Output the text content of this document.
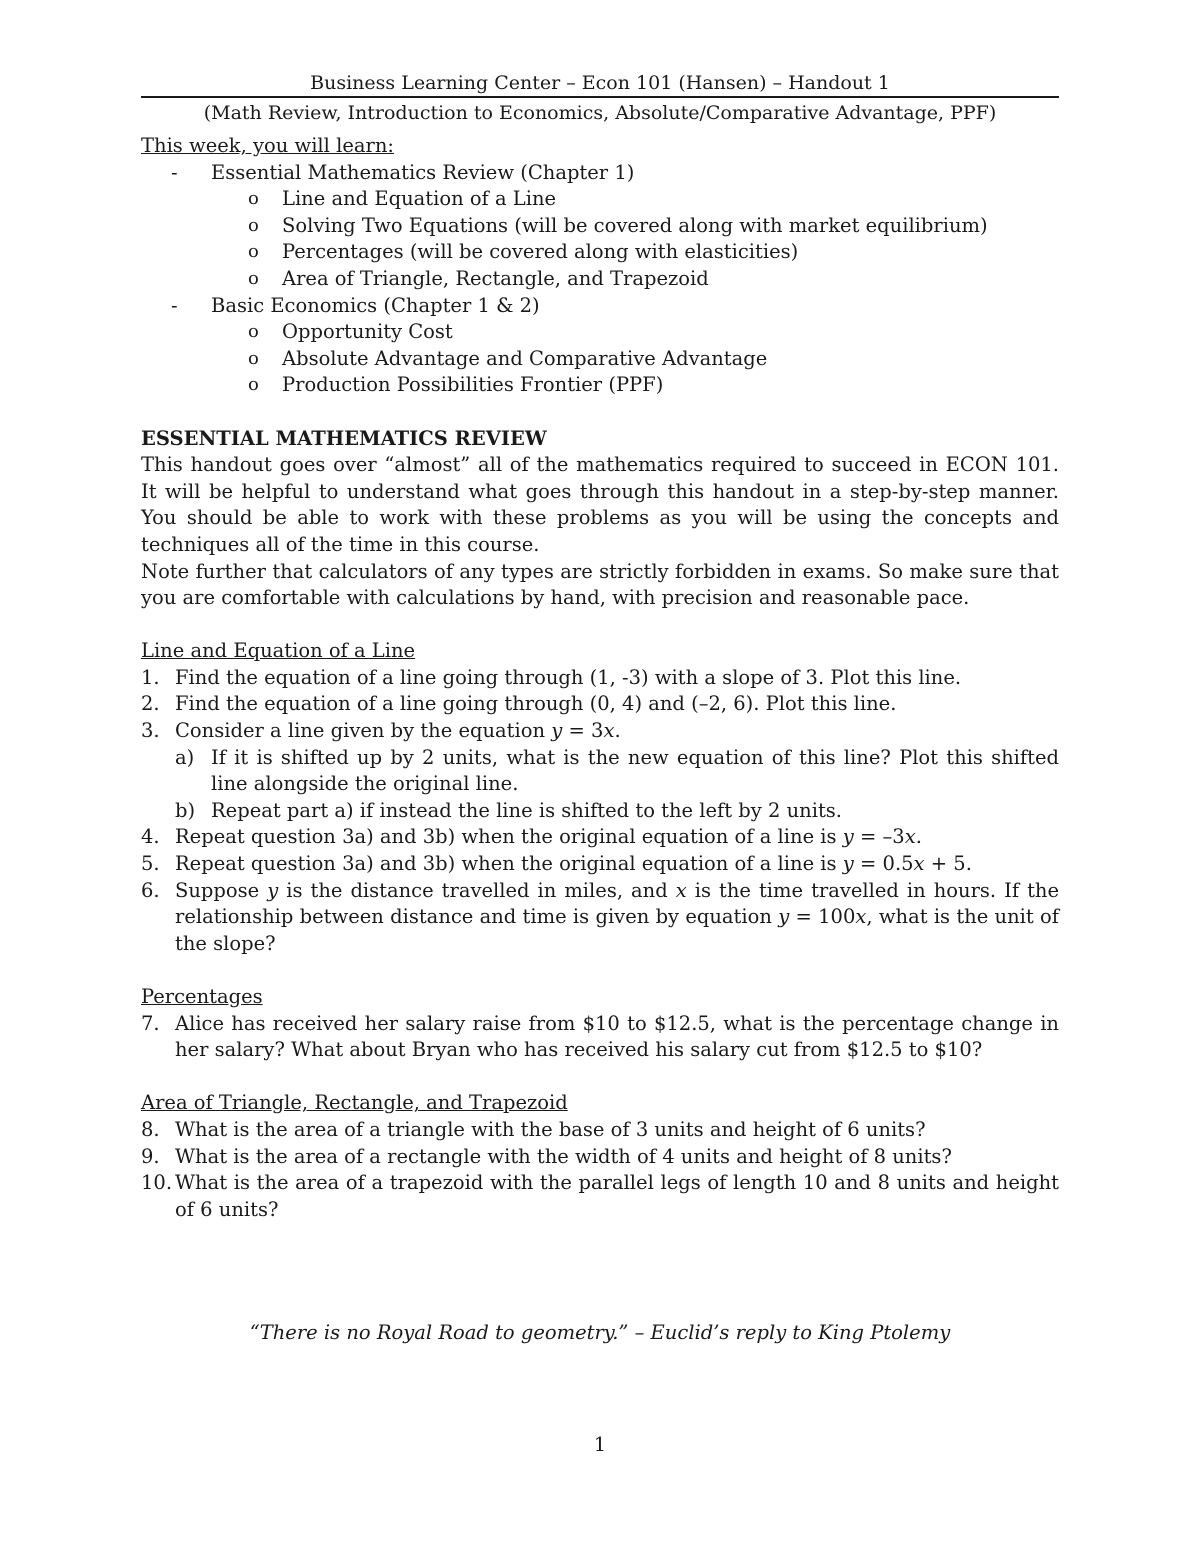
Business Learning Center – Econ 101 (Hansen) – Handout 1
(Math Review, Introduction to Economics, Absolute/Comparative Advantage, PPF)
This week, you will learn:
- Essential Mathematics Review (Chapter 1)
o Line and Equation of a Line
o Solving Two Equations (will be covered along with market equilibrium)
o Percentages (will be covered along with elasticities)
o Area of Triangle, Rectangle, and Trapezoid
- Basic Economics (Chapter 1 & 2)
o Opportunity Cost
o Absolute Advantage and Comparative Advantage
o Production Possibilities Frontier (PPF)
ESSENTIAL MATHEMATICS REVIEW
This handout goes over “almost” all of the mathematics required to succeed in ECON 101. It will be helpful to understand what goes through this handout in a step-by-step manner. You should be able to work with these problems as you will be using the concepts and techniques all of the time in this course.
Note further that calculators of any types are strictly forbidden in exams. So make sure that you are comfortable with calculations by hand, with precision and reasonable pace.
Line and Equation of a Line
1. Find the equation of a line going through (1, -3) with a slope of 3. Plot this line.
2. Find the equation of a line going through (0, 4) and (–2, 6). Plot this line.
3. Consider a line given by the equation y = 3x.
a) If it is shifted up by 2 units, what is the new equation of this line? Plot this shifted line alongside the original line.
b) Repeat part a) if instead the line is shifted to the left by 2 units.
4. Repeat question 3a) and 3b) when the original equation of a line is y = –3x.
5. Repeat question 3a) and 3b) when the original equation of a line is y = 0.5x + 5.
6. Suppose y is the distance travelled in miles, and x is the time travelled in hours. If the relationship between distance and time is given by equation y = 100x, what is the unit of the slope?
Percentages
7. Alice has received her salary raise from $10 to $12.5, what is the percentage change in her salary? What about Bryan who has received his salary cut from $12.5 to $10?
Area of Triangle, Rectangle, and Trapezoid
8. What is the area of a triangle with the base of 3 units and height of 6 units?
9. What is the area of a rectangle with the width of 4 units and height of 8 units?
10. What is the area of a trapezoid with the parallel legs of length 10 and 8 units and height of 6 units?
“There is no Royal Road to geometry.” – Euclid’s reply to King Ptolemy
1
